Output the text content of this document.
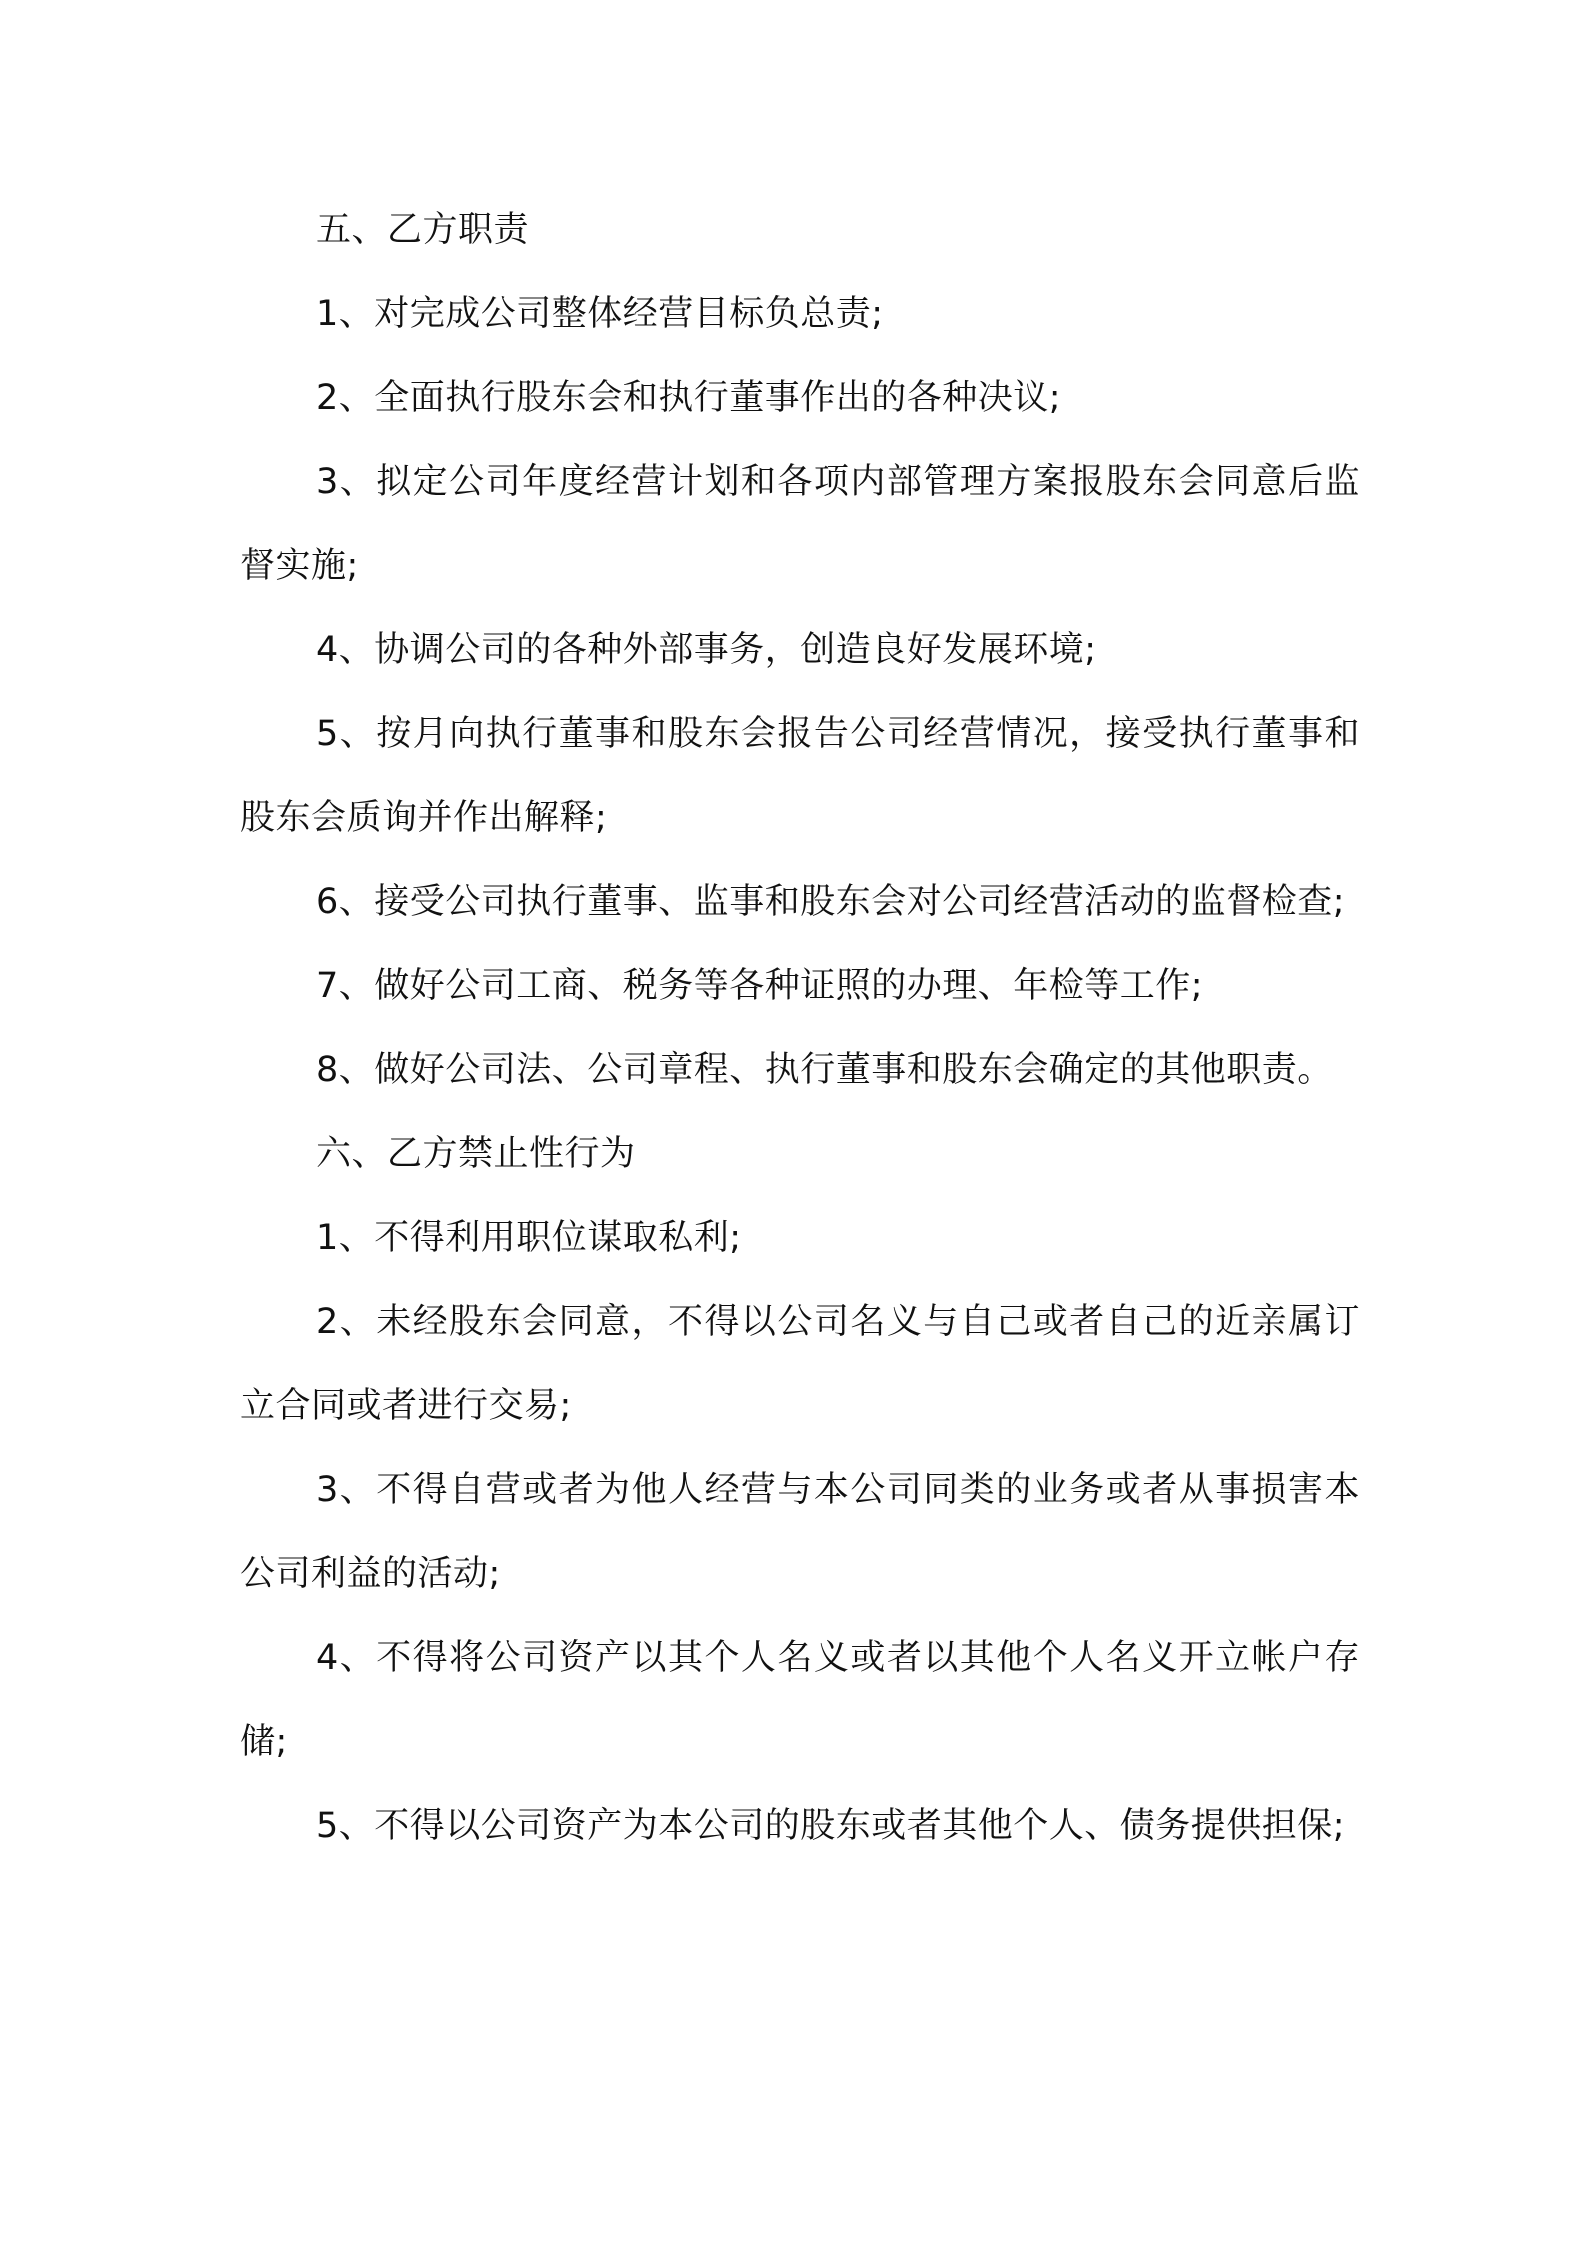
五、乙方职责

1、对完成公司整体经营目标负总责;

2、全面执行股东会和执行董事作出的各种决议;

3、拟定公司年度经营计划和各项内部管理方案报股东会同意后监督实施;

4、协调公司的各种外部事务，创造良好发展环境;

5、按月向执行董事和股东会报告公司经营情况，接受执行董事和股东会质询并作出解释;

6、接受公司执行董事、监事和股东会对公司经营活动的监督检查;

7、做好公司工商、税务等各种证照的办理、年检等工作;

8、做好公司法、公司章程、执行董事和股东会确定的其他职责。

六、乙方禁止性行为

1、不得利用职位谋取私利;

2、未经股东会同意，不得以公司名义与自己或者自己的近亲属订立合同或者进行交易;

3、不得自营或者为他人经营与本公司同类的业务或者从事损害本公司利益的活动;

4、不得将公司资产以其个人名义或者以其他个人名义开立帐户存储;

5、不得以公司资产为本公司的股东或者其他个人、债务提供担保;
